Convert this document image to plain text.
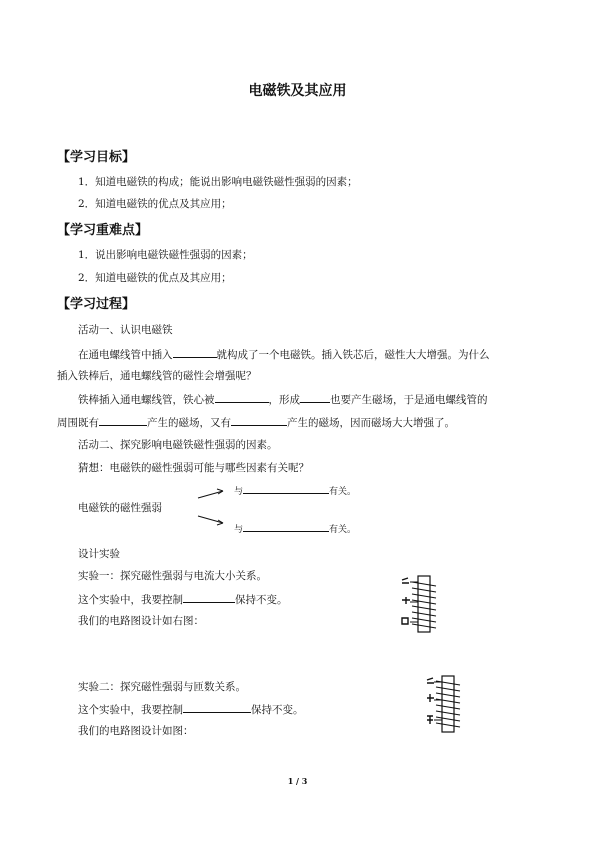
电磁铁及其应用
【学习目标】
1．知道电磁铁的构成；能说出影响电磁铁磁性强弱的因素；
2．知道电磁铁的优点及其应用；
【学习重难点】
1．说出影响电磁铁磁性强弱的因素；
2．知道电磁铁的优点及其应用；
【学习过程】
活动一、认识电磁铁
在通电螺线管中插入	就构成了一个电磁铁。插入铁芯后，磁性大大增强。为什么
插入铁棒后，通电螺线管的磁性会增强呢？
铁棒插入通电螺线管，铁心被	，形成	也要产生磁场，于是通电螺线管的
周围既有	产生的磁场，又有	产生的磁场，因而磁场大大增强了。
活动二、探究影响电磁铁磁性强弱的因素。
猜想：电磁铁的磁性强弱可能与哪些因素有关呢？
电磁铁的磁性强弱
与	有关。
与	有关。
设计实验
实验一：探究磁性强弱与电流大小关系。
这个实验中，我要控制	保持不变。
我们的电路图设计如右图：
实验二：探究磁性强弱与匝数关系。
这个实验中，我要控制	保持不变。
我们的电路图设计如图：
1 / 3
